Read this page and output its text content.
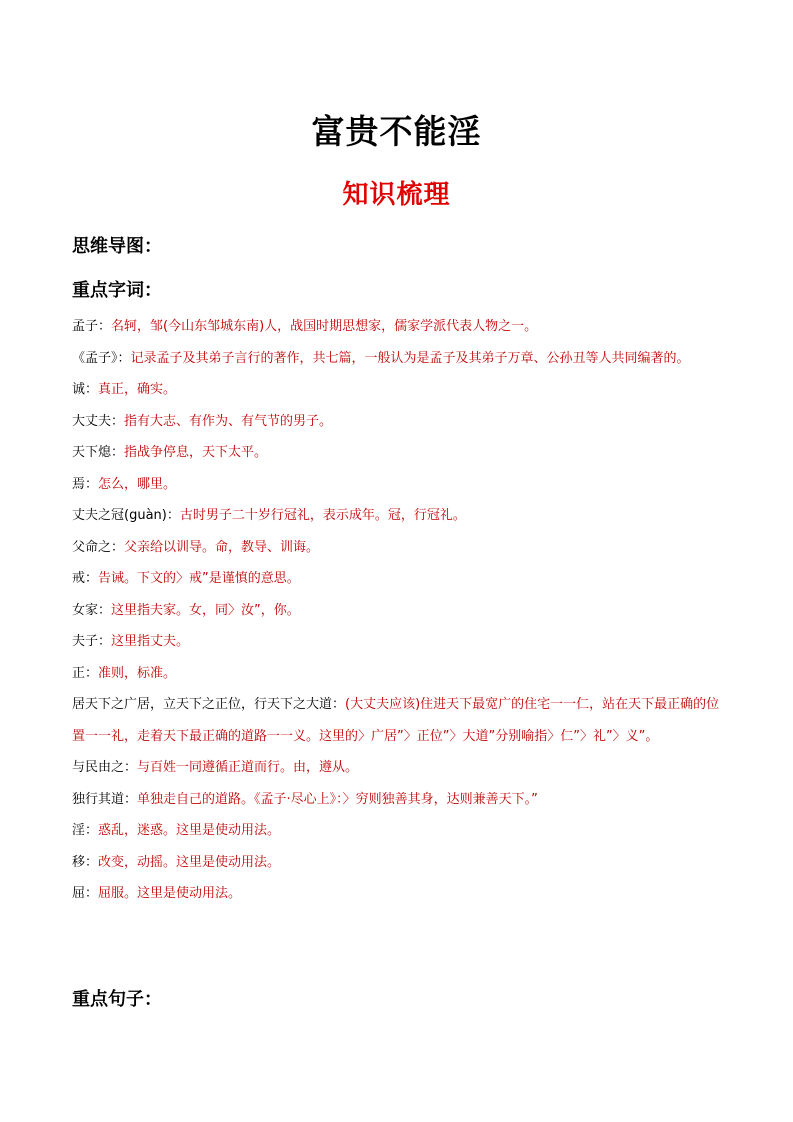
富贵不能淫
知识梳理
思维导图：
重点字词：

孟子：名轲，邹(今山东邹城东南)人，战国时期思想家，儒家学派代表人物之一。

《孟子》：记录孟子及其弟子言行的著作，共七篇，一般认为是孟子及其弟子万章、公孙丑等人共同编著的。

诚：真正，确实。

大丈夫：指有大志、有作为、有气节的男子。

天下熄：指战争停息，天下太平。

焉：怎么，哪里。

丈夫之冠(guàn)：古时男子二十岁行冠礼，表示成年。冠，行冠礼。

父命之：父亲给以训导。命，教导、训诲。

戒：告诫。下文的〉戒”是谨慎的意思。

女家：这里指夫家。女，同〉汝”，你。

夫子：这里指丈夫。

正：准则，标准。

居天下之广居，立天下之正位，行天下之大道：(大丈夫应该)住进天下最宽广的住宅一一仁，站在天下最正确的位置一一礼，走着天下最正确的道路一一义。这里的〉广居”〉正位”〉大道”分别喻指〉仁”〉礼”〉义”。

与民由之：与百姓一同遵循正道而行。由，遵从。

独行其道：单独走自己的道路。《孟子·尽心上》：〉穷则独善其身，达则兼善天下。”

淫：惑乱，迷惑。这里是使动用法。

移：改变，动摇。这里是使动用法。

屈：屈服。这里是使动用法。

重点句子：
